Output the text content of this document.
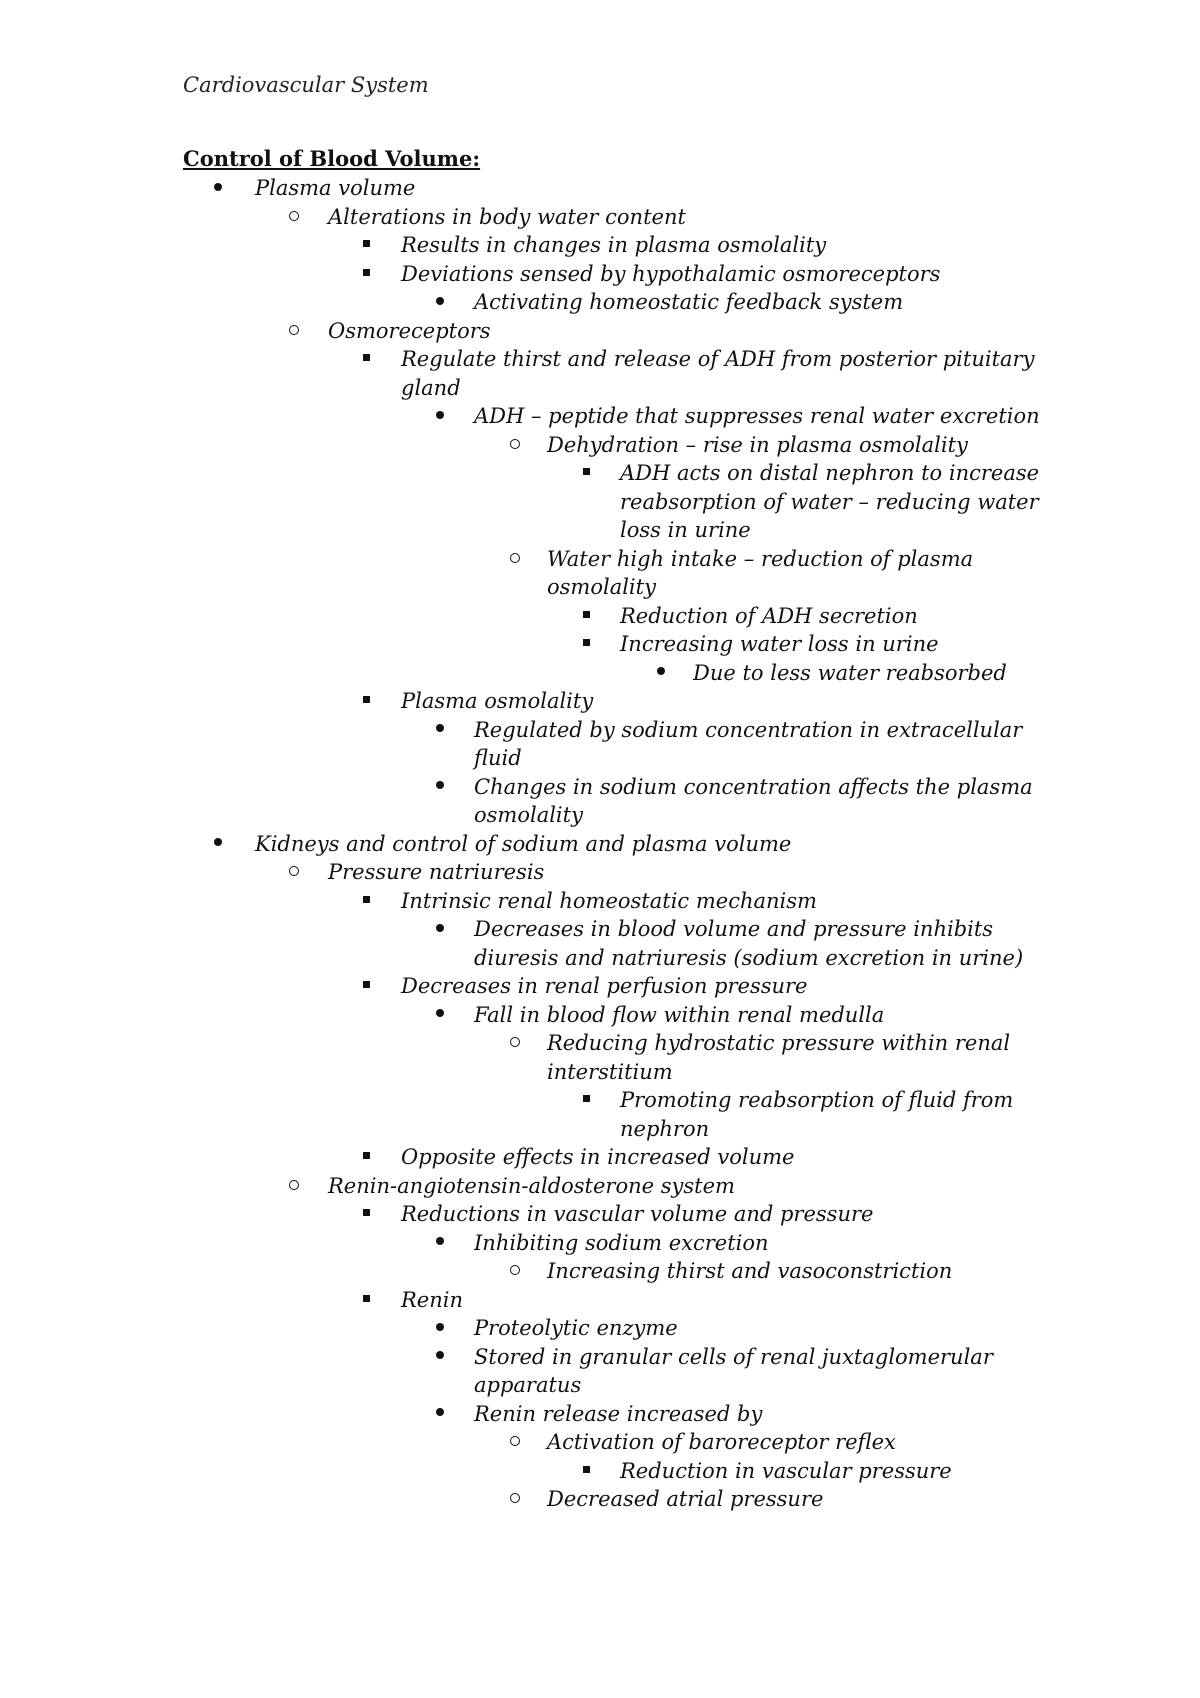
Cardiovascular System
Control of Blood Volume:
Plasma volume
Alterations in body water content
Results in changes in plasma osmolality
Deviations sensed by hypothalamic osmoreceptors
Activating homeostatic feedback system
Osmoreceptors
Regulate thirst and release of ADH from posterior pituitary
gland
ADH – peptide that suppresses renal water excretion
Dehydration – rise in plasma osmolality
ADH acts on distal nephron to increase
reabsorption of water – reducing water
loss in urine
Water high intake – reduction of plasma
osmolality
Reduction of ADH secretion
Increasing water loss in urine
Due to less water reabsorbed
Plasma osmolality
Regulated by sodium concentration in extracellular
fluid
Changes in sodium concentration affects the plasma
osmolality
Kidneys and control of sodium and plasma volume
Pressure natriuresis
Intrinsic renal homeostatic mechanism
Decreases in blood volume and pressure inhibits
diuresis and natriuresis (sodium excretion in urine)
Decreases in renal perfusion pressure
Fall in blood flow within renal medulla
Reducing hydrostatic pressure within renal
interstitium
Promoting reabsorption of fluid from
nephron
Opposite effects in increased volume
Renin-angiotensin-aldosterone system
Reductions in vascular volume and pressure
Inhibiting sodium excretion
Increasing thirst and vasoconstriction
Renin
Proteolytic enzyme
Stored in granular cells of renal juxtaglomerular
apparatus
Renin release increased by
Activation of baroreceptor reflex
Reduction in vascular pressure
Decreased atrial pressure
